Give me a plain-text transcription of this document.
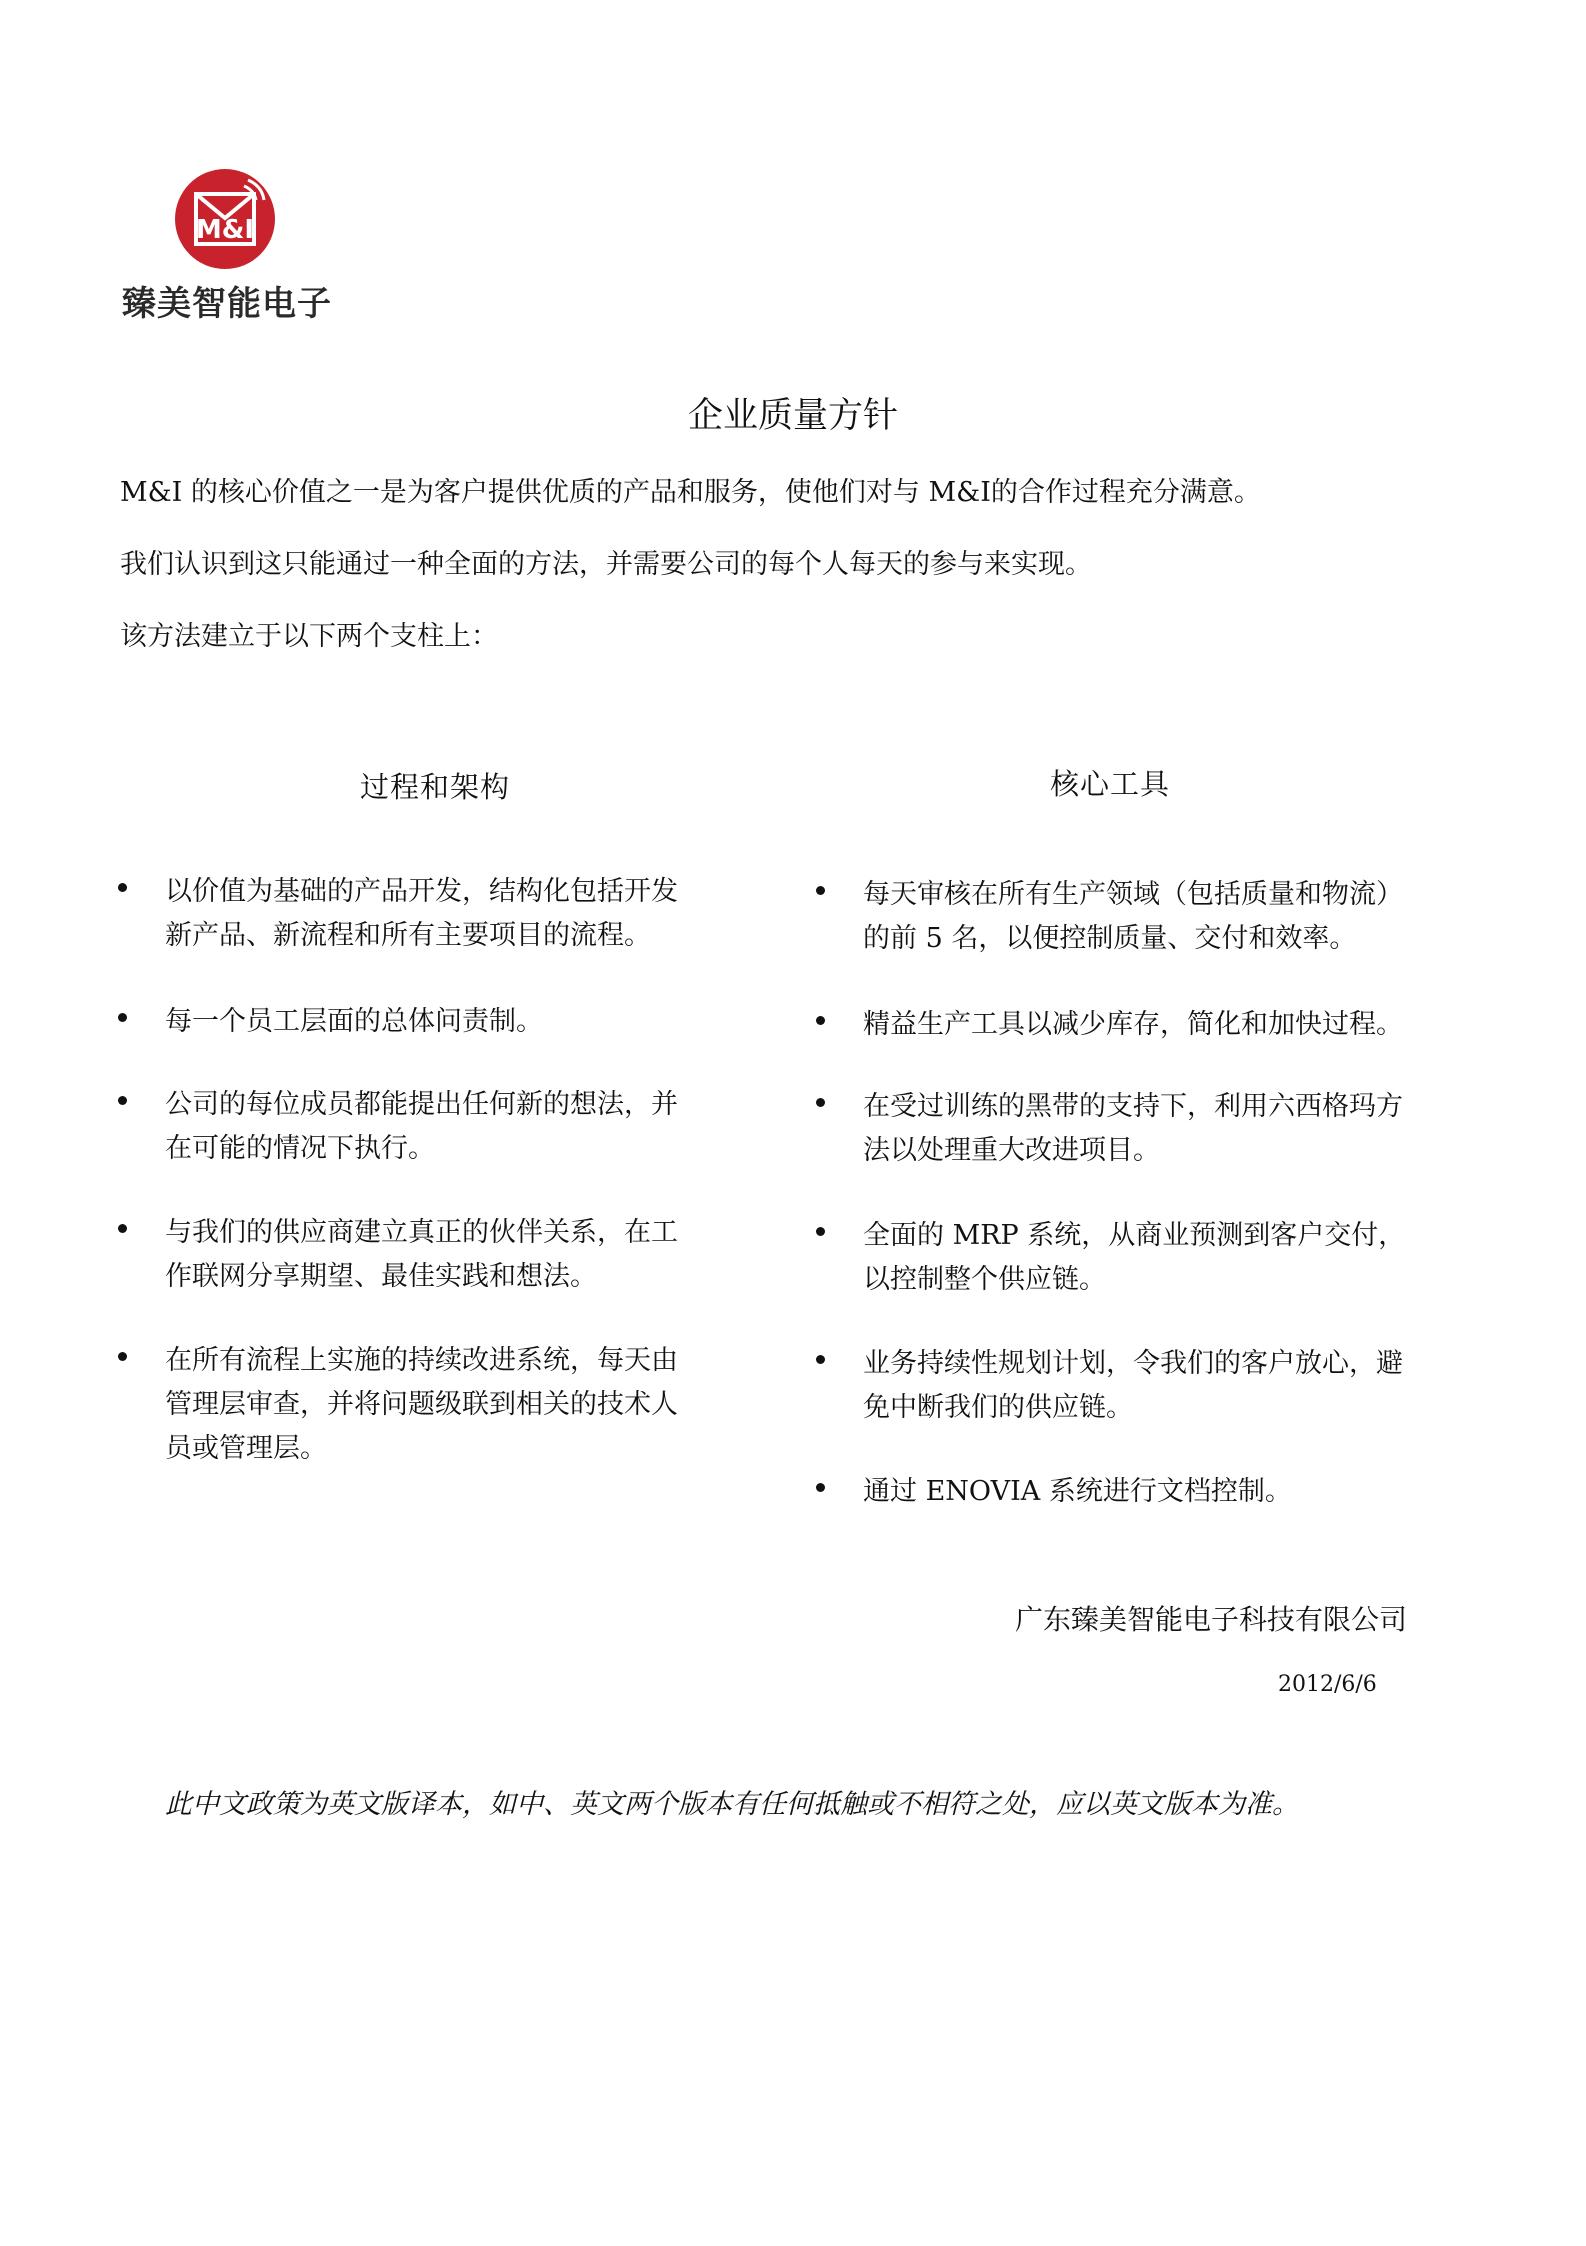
M&I
臻美智能电子
企业质量方针
M&I 的核心价值之一是为客户提供优质的产品和服务，使他们对与 M&I的合作过程充分满意。
我们认识到这只能通过一种全面的方法，并需要公司的每个人每天的参与来实现。
该方法建立于以下两个支柱上：
过程和架构	核心工具
以价值为基础的产品开发，结构化包括开发
新产品、新流程和所有主要项目的流程。
每一个员工层面的总体问责制。
公司的每位成员都能提出任何新的想法，并
在可能的情况下执行。
与我们的供应商建立真正的伙伴关系，在工
作联网分享期望、最佳实践和想法。
在所有流程上实施的持续改进系统，每天由
管理层审查，并将问题级联到相关的技术人
员或管理层。
每天审核在所有生产领域（包括质量和物流）
的前 5 名，以便控制质量、交付和效率。
精益生产工具以减少库存，简化和加快过程。
在受过训练的黑带的支持下，利用六西格玛方
法以处理重大改进项目。
全面的 MRP 系统，从商业预测到客户交付，
以控制整个供应链。
业务持续性规划计划，令我们的客户放心，避
免中断我们的供应链。
通过 ENOVIA 系统进行文档控制。
广东臻美智能电子科技有限公司
2012/6/6
此中文政策为英文版译本，如中、英文两个版本有任何抵触或不相符之处，应以英文版本为准。
